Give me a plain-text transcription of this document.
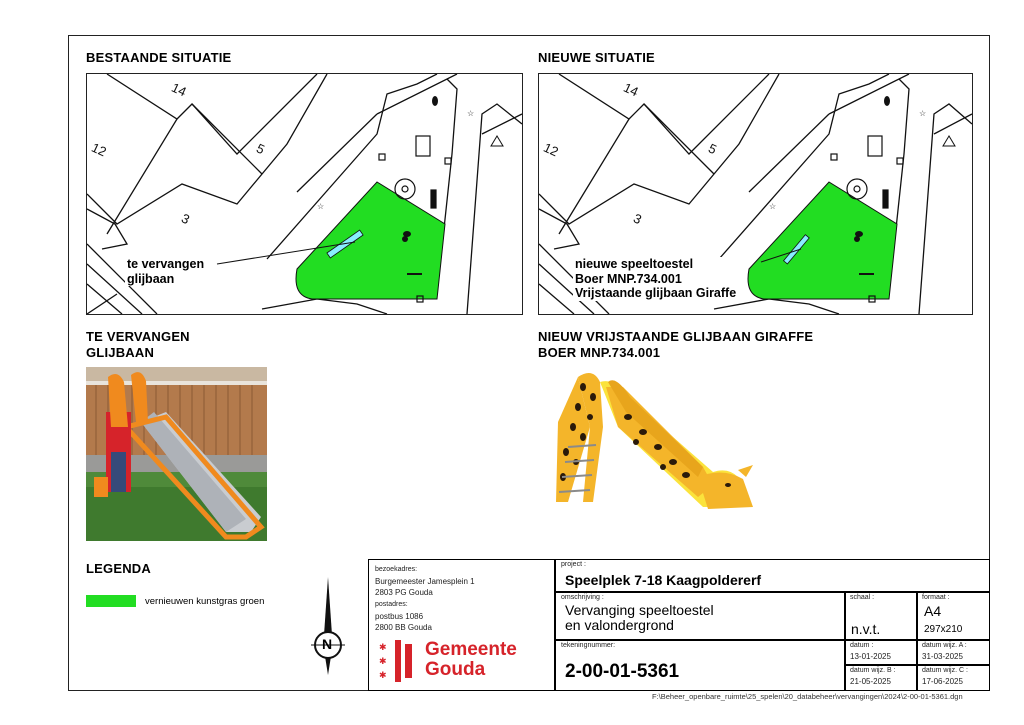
BESTAANDE SITUATIE	NIEUWE SITUATIE
☆
☆
14
12	5
3
te vervangen
glijbaan
☆
☆
14
12	5
3
nieuwe speeltoestel
Boer MNP.734.001
Vrijstaande glijbaan Giraffe
TE VERVANGEN
GLIJBAAN
NIEUW VRIJSTAANDE GLIJBAAN GIRAFFE
BOER MNP.734.001
LEGENDA
vernieuwen kunstgras groen
N
bezoekadres:
Burgemeester Jamesplein 1
2803 PG Gouda
postadres:
postbus 1086
2800 BB Gouda
✱
✱
✱
Gemeente
Gouda
project :
Speelplek 7-18 Kaagpoldererf
omschrijving :
Vervanging speeltoestel
en valondergrond
schaal :
n.v.t.
formaat :
A4
297x210
tekeningnummer:
2-00-01-5361
datum :
13-01-2025
datum wijz. A :
31-03-2025
datum wijz. B :
21-05-2025
datum wijz. C :
17-06-2025
F:\Beheer_openbare_ruimte\25_spelen\20_databeheer\vervangingen\2024\2-00-01-5361.dgn
